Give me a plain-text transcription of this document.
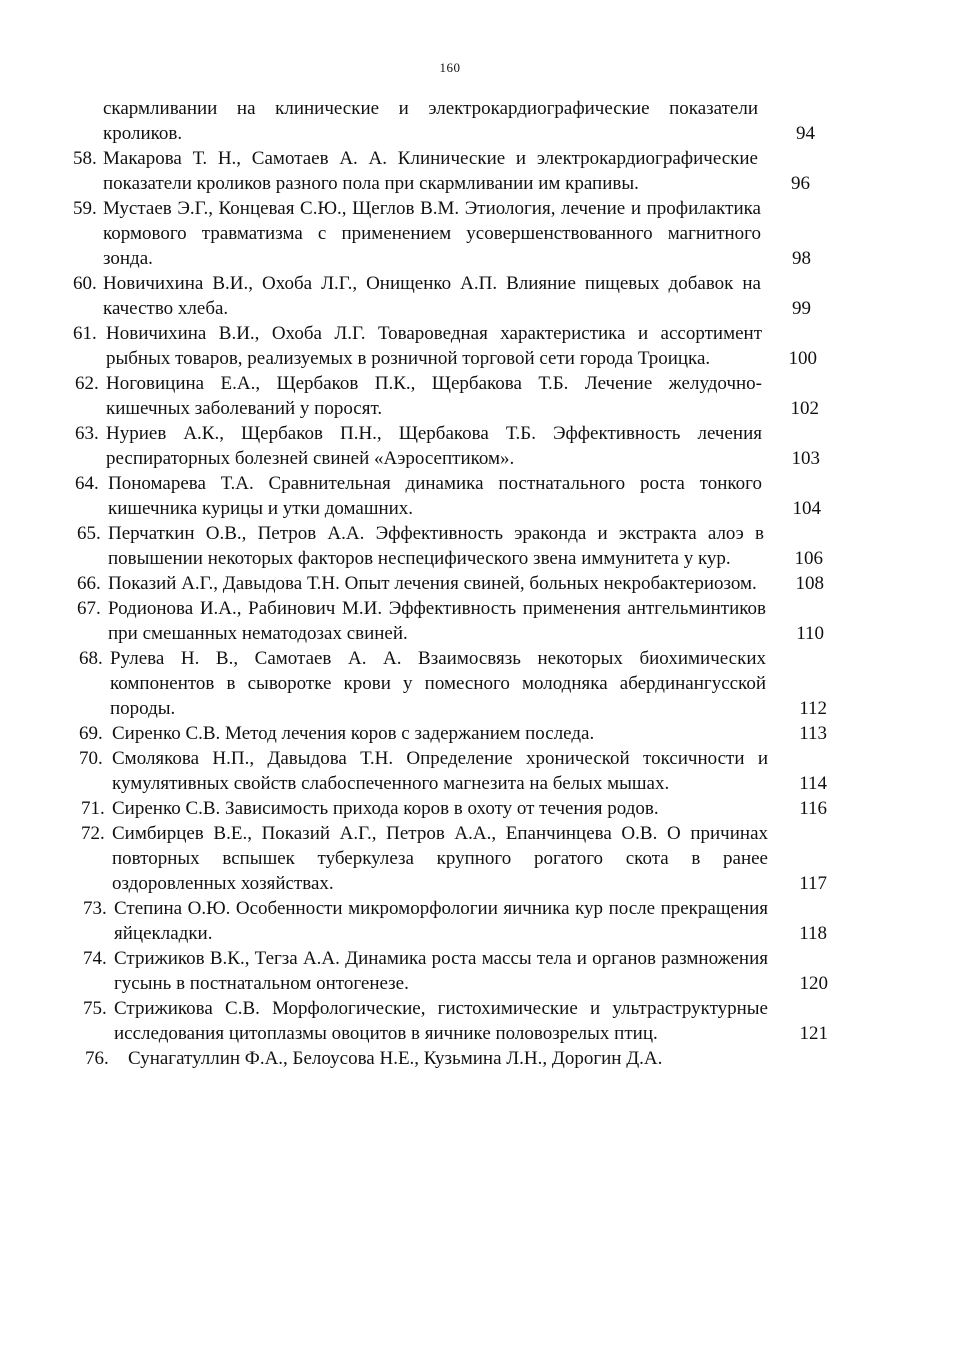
160
скармливании на клинические и электрокардиографические показатели кроликов.	94
58. Макарова Т. Н., Самотаев А. А. Клинические и электрокардиографические показатели кроликов разного пола при скармливании им крапивы.	96
59. Мустаев Э.Г., Концевая С.Ю., Щеглов В.М. Этиология, лечение и профилактика кормового травматизма с применением усовершенствованного магнитного зонда.	98
60. Новичихина В.И., Охоба Л.Г., Онищенко А.П. Влияние пищевых добавок на качество хлеба.	99
61. Новичихина В.И., Охоба Л.Г. Товароведная характеристика и ассортимент рыбных товаров, реализуемых в розничной торговой сети города Троицка.	100
62. Ноговицина Е.А., Щербаков П.К., Щербакова Т.Б. Лечение желудочно-кишечных заболеваний у поросят.	102
63. Нуриев А.К., Щербаков П.Н., Щербакова Т.Б. Эффективность лечения респираторных болезней свиней «Аэросептиком».	103
64. Пономарева Т.А. Сравнительная динамика постнатального роста тонкого кишечника курицы и утки домашних.	104
65. Перчаткин О.В., Петров А.А. Эффективность эраконда и экстракта алоэ в повышении некоторых факторов неспецифического звена иммунитета у кур.	106
66. Показий А.Г., Давыдова Т.Н. Опыт лечения свиней, больных некробактериозом.	108
67. Родионова И.А., Рабинович М.И. Эффективность применения антгельминтиков при смешанных нематодозах свиней.	110
68. Рулева Н. В., Самотаев А. А. Взаимосвязь некоторых биохимических компонентов в сыворотке крови у помесного молодняка абердинангусской породы.	112
69. Сиренко С.В. Метод лечения коров с задержанием последа.	113
70. Смолякова Н.П., Давыдова Т.Н. Определение хронической токсичности и кумулятивных свойств слабоспеченного магнезита на белых мышах.	114
71. Сиренко С.В. Зависимость прихода коров в охоту от течения родов.	116
72. Симбирцев В.Е., Показий А.Г., Петров А.А., Епанчинцева О.В. О причинах повторных вспышек туберкулеза крупного рогатого скота в ранее оздоровленных хозяйствах.	117
73. Степина О.Ю. Особенности микроморфологии яичника кур после прекращения яйцекладки.	118
74. Стрижиков В.К., Тегза А.А. Динамика роста массы тела и органов размножения гусынь в постнатальном онтогенезе.	120
75. Стрижикова С.В. Морфологические, гистохимические и ультраструктурные исследования цитоплазмы овоцитов в яичнике половозрелых птиц.	121
76. Сунагатуллин Ф.А., Белоусова Н.Е., Кузьмина Л.Н., Дорогин Д.А.
